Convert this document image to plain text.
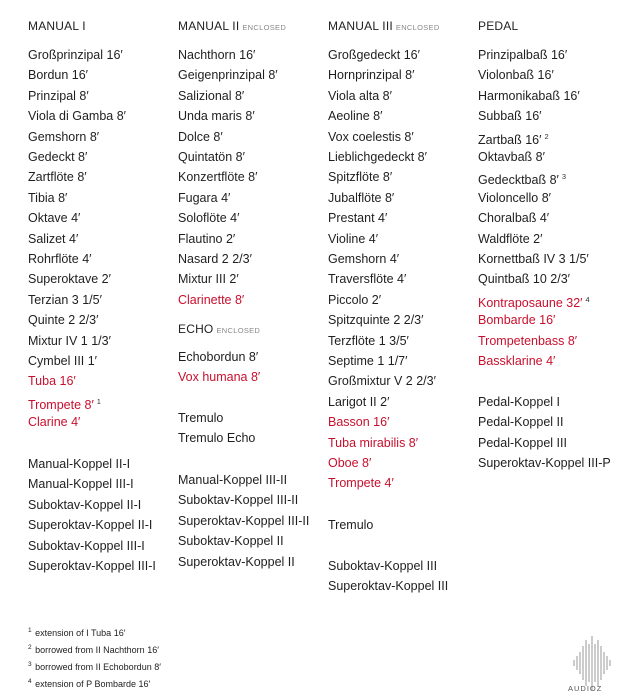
MANUAL I
Großprinzipal 16′
Bordun 16′
Prinzipal 8′
Viola di Gamba 8′
Gemshorn 8′
Gedeckt 8′
Zartflöte 8′
Tibia 8′
Oktave 4′
Salizet 4′
Rohrflöte 4′
Superoktave 2′
Terzian 3 1/5′
Quinte 2 2/3′
Mixtur IV 1 1/3′
Cymbel III 1′
Tuba 16′
Trompete 8′ $^1$
Clarine 4′
Manual-Koppel II-I
Manual-Koppel III-I
Suboktav-Koppel II-I
Superoktav-Koppel II-I
Suboktav-Koppel III-I
Superoktav-Koppel III-I
MANUAL II ENCLOSED
Nachthorn 16′
Geigenprinzipal 8′
Salizional 8′
Unda maris 8′
Dolce 8′
Quintatön 8′
Konzertflöte 8′
Fugara 4′
Soloflöte 4′
Flautino 2′
Nasard 2 2/3′
Mixtur III 2′
Clarinette 8′
ECHO ENCLOSED
Echobordun 8′
Vox humana 8′
Tremulo
Tremulo Echo
Manual-Koppel III-II
Suboktav-Koppel III-II
Superoktav-Koppel III-II
Suboktav-Koppel II
Superoktav-Koppel II
MANUAL III ENCLOSED
Großgedeckt 16′
Hornprinzipal 8′
Viola alta 8′
Aeoline 8′
Vox coelestis 8′
Lieblichgedeckt 8′
Spitzflöte 8′
Jubalflöte 8′
Prestant 4′
Violine 4′
Gemshorn 4′
Traversflöte 4′
Piccolo 2′
Spitzquinte 2 2/3′
Terzflöte 1 3/5′
Septime 1 1/7′
Großmixtur V 2 2/3′
Larigot II 2′
Basson 16′
Tuba mirabilis 8′
Oboe 8′
Trompete 4′
Tremulo
Suboktav-Koppel III
Superoktav-Koppel III
PEDAL
Prinzipalbaß 16′
Violonbaß 16′
Harmonikabaß 16′
Subbaß 16′
Zartbaß 16′ $^2$
Oktavbaß 8′
Gedecktbaß 8′ $^3$
Violoncello 8′
Choralbaß 4′
Waldflöte 2′
Kornettbaß IV 3 1/5′
Quintbaß 10 2/3′
Kontraposaune 32′ $^4$
Bombarde 16′
Trompetenbass 8′
Bassklarine 4′
Pedal-Koppel I
Pedal-Koppel II
Pedal-Koppel III
Superoktav-Koppel III-P
$^1$ extension of I Tuba 16′
$^2$ borrowed from II Nachthorn 16′
$^3$ borrowed from II Echobordun 8′
$^4$ extension of P Bombarde 16′	AUDIOZ
